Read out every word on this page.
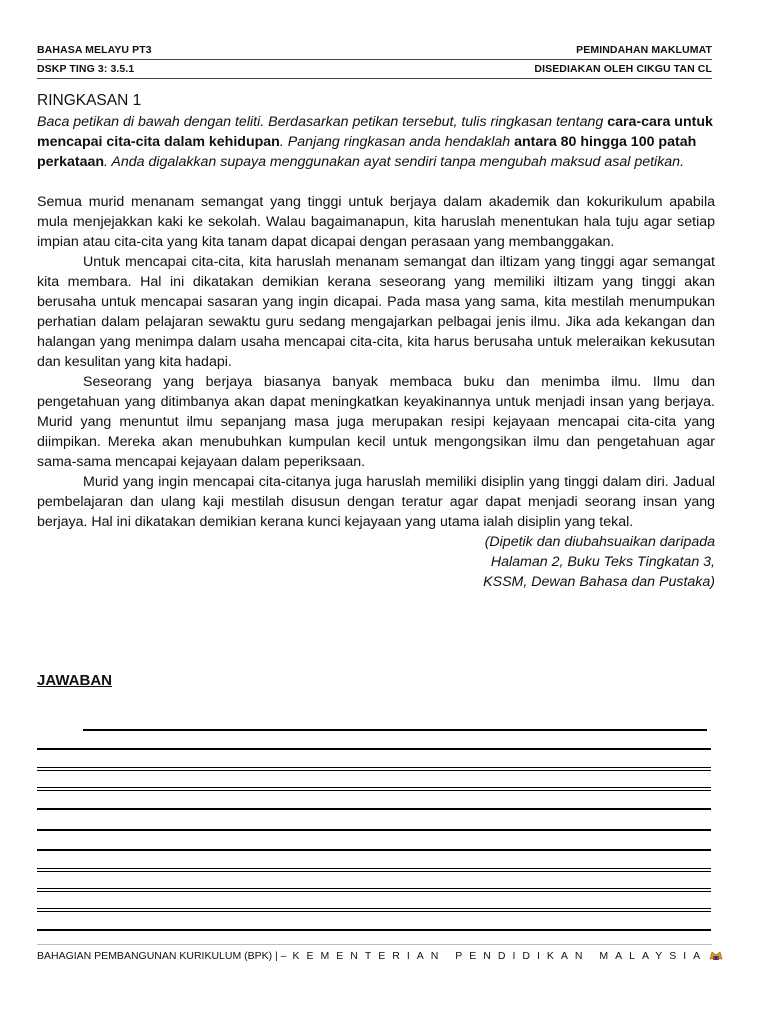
BAHASA MELAYU PT3	PEMINDAHAN MAKLUMAT
DSKP TING 3: 3.5.1	DISEDIAKAN OLEH CIKGU TAN CL

RINGKASAN 1

Baca petikan di bawah dengan teliti. Berdasarkan petikan tersebut, tulis ringkasan tentang cara-cara untuk mencapai cita-cita dalam kehidupan. Panjang ringkasan anda hendaklah antara 80 hingga 100 patah perkataan. Anda digalakkan supaya menggunakan ayat sendiri tanpa mengubah maksud asal petikan.

Semua murid menanam semangat yang tinggi untuk berjaya dalam akademik dan kokurikulum apabila mula menjejakkan kaki ke sekolah. Walau bagaimanapun, kita haruslah menentukan hala tuju agar setiap impian atau cita-cita yang kita tanam dapat dicapai dengan perasaan yang membanggakan.

Untuk mencapai cita-cita, kita haruslah menanam semangat dan iltizam yang tinggi agar semangat kita membara. Hal ini dikatakan demikian kerana seseorang yang memiliki iltizam yang tinggi akan berusaha untuk mencapai sasaran yang ingin dicapai. Pada masa yang sama, kita mestilah menumpukan perhatian dalam pelajaran sewaktu guru sedang mengajarkan pelbagai jenis ilmu. Jika ada kekangan dan halangan yang menimpa dalam usaha mencapai cita-cita, kita harus berusaha untuk meleraikan kekusutan dan kesulitan yang kita hadapi.

Seseorang yang berjaya biasanya banyak membaca buku dan menimba ilmu. Ilmu dan pengetahuan yang ditimbanya akan dapat meningkatkan keyakinannya untuk menjadi insan yang berjaya. Murid yang menuntut ilmu sepanjang masa juga merupakan resipi kejayaan mencapai cita-cita yang diimpikan. Mereka akan menubuhkan kumpulan kecil untuk mengongsikan ilmu dan pengetahuan agar sama-sama mencapai kejayaan dalam peperiksaan.

Murid yang ingin mencapai cita-citanya juga haruslah memiliki disiplin yang tinggi dalam diri. Jadual pembelajaran dan ulang kaji mestilah disusun dengan teratur agar dapat menjadi seorang insan yang berjaya. Hal ini dikatakan demikian kerana kunci kejayaan yang utama ialah disiplin yang tekal.

(Dipetik dan diubahsuaikan daripada
Halaman 2, Buku Teks Tingkatan 3,
KSSM, Dewan Bahasa dan Pustaka)

JAWABAN

BAHAGIAN PEMBANGUNAN KURIKULUM (BPK) | – KEMENTERIAN PENDIDIKAN MALAYSIA
